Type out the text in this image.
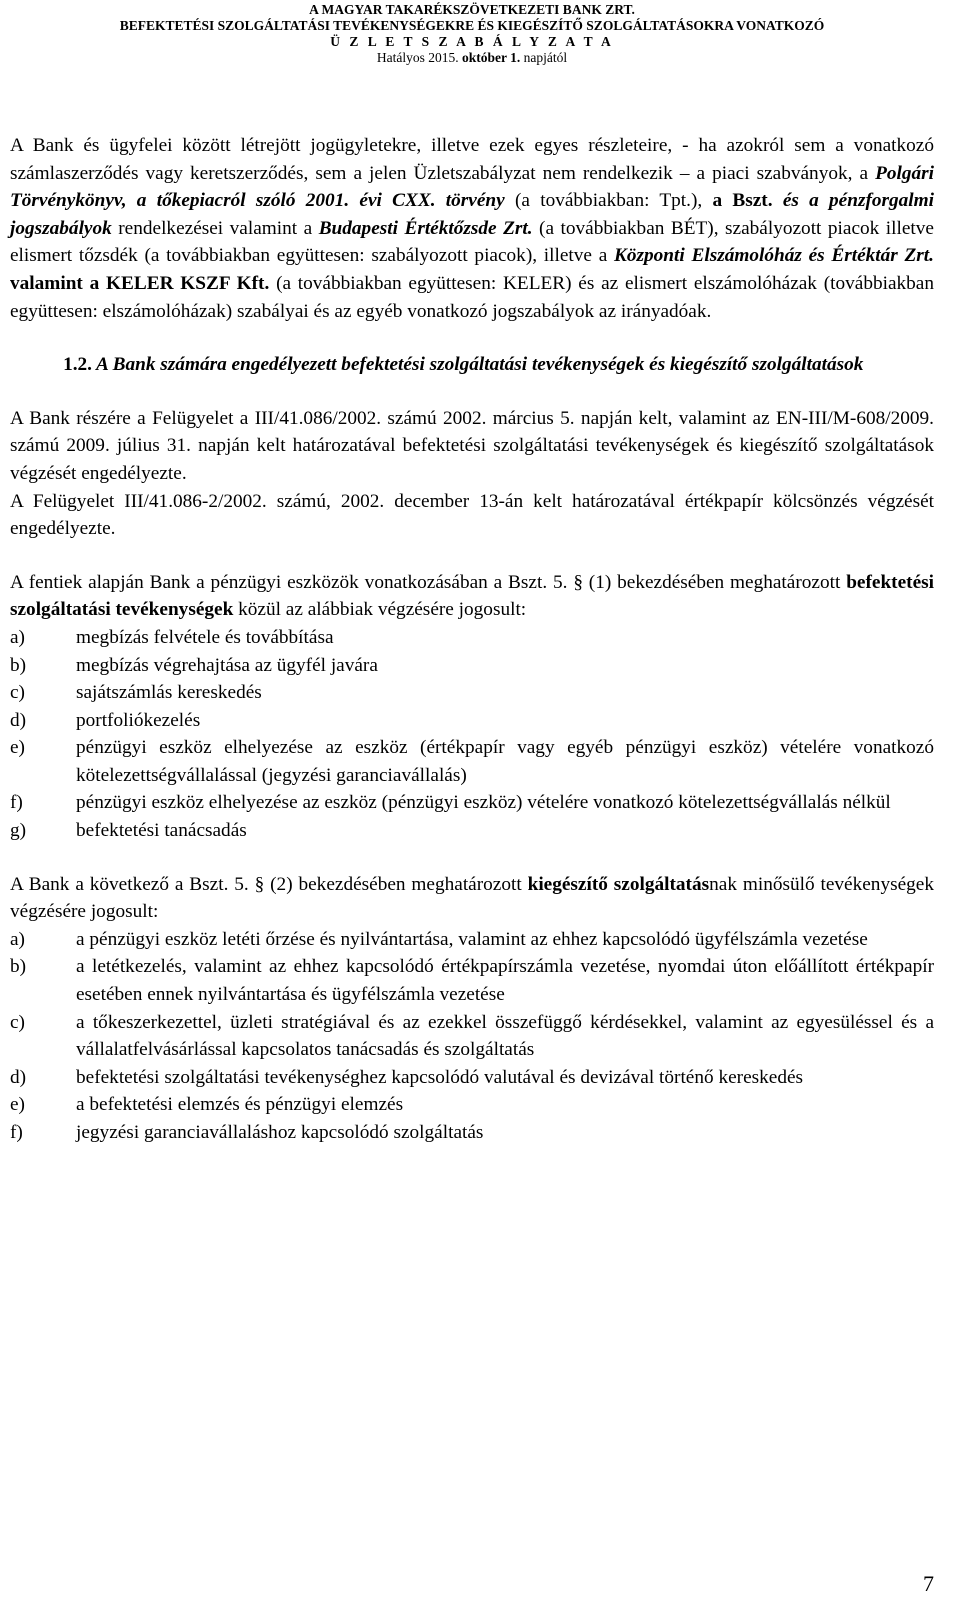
A MAGYAR TAKARÉKSZÖVETKEZETI BANK ZRT.
BEFEKTETÉSI SZOLGÁLTATÁSI TEVÉKENYSÉGEKRE ÉS KIEGÉSZÍTŐ SZOLGÁLTATÁSOKRA VONATKOZÓ
Ü Z L E T S Z A B Á L Y Z A T A
Hatályos 2015. október 1. napjától

A Bank és ügyfelei között létrejött jogügyletekre, illetve ezek egyes részleteire, - ha azokról sem a vonatkozó számlaszerződés vagy keretszerződés, sem a jelen Üzletszabályzat nem rendelkezik – a piaci szabványok, a Polgári Törvénykönyv, a tőkepiacról szóló 2001. évi CXX. törvény (a továbbiakban: Tpt.), a Bszt. és a pénzforgalmi jogszabályok rendelkezései valamint a Budapesti Értéktőzsde Zrt. (a továbbiakban BÉT), szabályozott piacok illetve elismert tőzsdék (a továbbiakban együttesen: szabályozott piacok), illetve a Központi Elszámolóház és Értéktár Zrt. valamint a KELER KSZF Kft. (a továbbiakban együttesen: KELER) és az elismert elszámolóházak (továbbiakban együttesen: elszámolóházak) szabályai és az egyéb vonatkozó jogszabályok az irányadóak.

1.2. A Bank számára engedélyezett befektetési szolgáltatási tevékenységek és kiegészítő szolgáltatások

A Bank részére a Felügyelet a III/41.086/2002. számú 2002. március 5. napján kelt, valamint az EN-III/M-608/2009. számú 2009. július 31. napján kelt határozatával befektetési szolgáltatási tevékenységek és kiegészítő szolgáltatások végzését engedélyezte.

A Felügyelet III/41.086-2/2002. számú, 2002. december 13-án kelt határozatával értékpapír kölcsönzés végzését engedélyezte.

A fentiek alapján Bank a pénzügyi eszközök vonatkozásában a Bszt. 5. § (1) bekezdésében meghatározott befektetési szolgáltatási tevékenységek közül az alábbiak végzésére jogosult:

a)	megbízás felvétele és továbbítása
b)	megbízás végrehajtása az ügyfél javára
c)	sajátszámlás kereskedés
d)	portfoliókezelés
e)	pénzügyi eszköz elhelyezése az eszköz (értékpapír vagy egyéb pénzügyi eszköz) vételére vonatkozó kötelezettségvállalással (jegyzési garanciavállalás)
f)	pénzügyi eszköz elhelyezése az eszköz (pénzügyi eszköz) vételére vonatkozó kötelezettségvállalás nélkül
g)	befektetési tanácsadás

A Bank a következő a Bszt. 5. § (2) bekezdésében meghatározott kiegészítő szolgáltatásnak minősülő tevékenységek végzésére jogosult:

a)	a pénzügyi eszköz letéti őrzése és nyilvántartása, valamint az ehhez kapcsolódó ügyfélszámla vezetése
b)	a letétkezelés, valamint az ehhez kapcsolódó értékpapírszámla vezetése, nyomdai úton előállított értékpapír esetében ennek nyilvántartása és ügyfélszámla vezetése
c)	a tőkeszerkezettel, üzleti stratégiával és az ezekkel összefüggő kérdésekkel, valamint az egyesüléssel és a vállalatfelvásárlással kapcsolatos tanácsadás és szolgáltatás
d)	befektetési szolgáltatási tevékenységhez kapcsolódó valutával és devizával történő kereskedés
e)	a befektetési elemzés és pénzügyi elemzés
f)	jegyzési garanciavállaláshoz kapcsolódó szolgáltatás
7
